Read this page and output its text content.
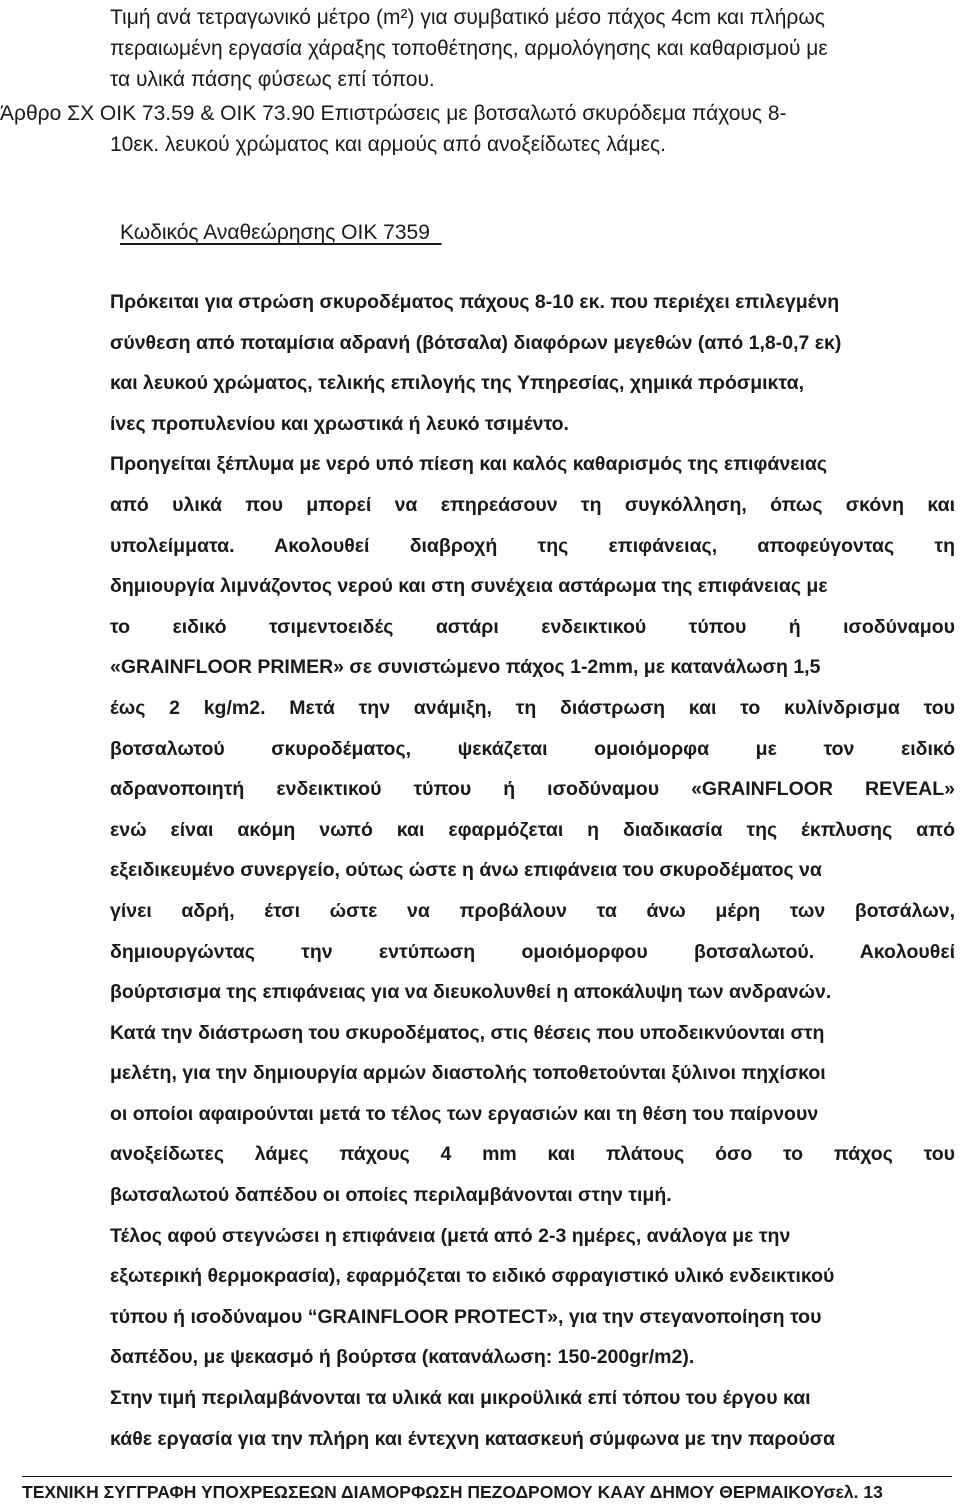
Τιμή ανά τετραγωνικό μέτρο (m²) για συμβατικό μέσο πάχος 4cm και πλήρως
περαιωμένη εργασία χάραξης τοποθέτησης, αρμολόγησης και καθαρισμού με
τα υλικά πάσης φύσεως επί τόπου.
Άρθρο ΣΧ ΟΙΚ 73.59 & ΟΙΚ 73.90 Επιστρώσεις με βοτσαλωτό σκυρόδεμα πάχους 8-
10εκ. λευκού χρώματος και αρμούς από ανοξείδωτες λάμες.
Κωδικός Αναθεώρησης ΟΙΚ 7359
Πρόκειται για στρώση σκυροδέματος πάχους 8-10 εκ. που περιέχει επιλεγμένη
σύνθεση από ποταμίσια αδρανή (βότσαλα) διαφόρων μεγεθών (από 1,8-0,7 εκ)
και λευκού χρώματος, τελικής επιλογής της Υπηρεσίας, χημικά πρόσμικτα,
ίνες προπυλενίου και χρωστικά ή λευκό τσιμέντο.
Προηγείται ξέπλυμα με νερό υπό πίεση και καλός καθαρισμός της επιφάνειας
από υλικά που μπορεί να επηρεάσουν τη συγκόλληση, όπως σκόνη και
υπολείμματα. Ακολουθεί διαβροχή της επιφάνειας, αποφεύγοντας τη
δημιουργία λιμνάζοντος νερού και στη συνέχεια αστάρωμα της επιφάνειας με
το ειδικό τσιμεντοειδές αστάρι ενδεικτικού τύπου ή ισοδύναμου
«GRAINFLOOR PRIMER» σε συνιστώμενο πάχος 1-2mm, με κατανάλωση 1,5
έως 2 kg/m2. Μετά την ανάμιξη, τη διάστρωση και το κυλίνδρισμα του
βοτσαλωτού σκυροδέματος, ψεκάζεται ομοιόμορφα με τον ειδικό
αδρανοποιητή ενδεικτικού τύπου ή ισοδύναμου «GRAINFLOOR REVEAL»
ενώ είναι ακόμη νωπό και εφαρμόζεται η διαδικασία της έκπλυσης από
εξειδικευμένο συνεργείο, ούτως ώστε η άνω επιφάνεια του σκυροδέματος να
γίνει αδρή, έτσι ώστε να προβάλουν τα άνω μέρη των βοτσάλων,
δημιουργώντας την εντύπωση ομοιόμορφου βοτσαλωτού. Ακολουθεί
βούρτσισμα της επιφάνειας για να διευκολυνθεί η αποκάλυψη των ανδρανών.
Κατά την διάστρωση του σκυροδέματος, στις θέσεις που υποδεικνύονται στη
μελέτη, για την δημιουργία αρμών διαστολής τοποθετούνται ξύλινοι πηχίσκοι
οι οποίοι αφαιρούνται μετά το τέλος των εργασιών και τη θέση του παίρνουν
ανοξείδωτες λάμες πάχους 4 mm και πλάτους όσο το πάχος του
βωτσαλωτού δαπέδου οι οποίες περιλαμβάνονται στην τιμή.
Τέλος αφού στεγνώσει η επιφάνεια (μετά από 2-3 ημέρες, ανάλογα με την
εξωτερική θερμοκρασία), εφαρμόζεται το ειδικό σφραγιστικό υλικό ενδεικτικού
τύπου ή ισοδύναμου “GRAINFLOOR PROTECT», για την στεγανοποίηση του
δαπέδου, με ψεκασμό ή βούρτσα (κατανάλωση: 150-200gr/m2).
Στην τιμή περιλαμβάνονται τα υλικά και μικροϋλικά επί τόπου του έργου και
κάθε εργασία για την πλήρη και έντεχνη κατασκευή σύμφωνα με την παρούσα
ΤΕΧΝΙΚΗ ΣΥΓΓΡΑΦΗ ΥΠΟΧΡΕΩΣΕΩΝ ΔΙΑΜΟΡΦΩΣΗ ΠΕΖΟΔΡΟΜΟΥ ΚΑΑΥ ΔΗΜΟΥ ΘΕΡΜΑΙΚΟΥσελ. 13
